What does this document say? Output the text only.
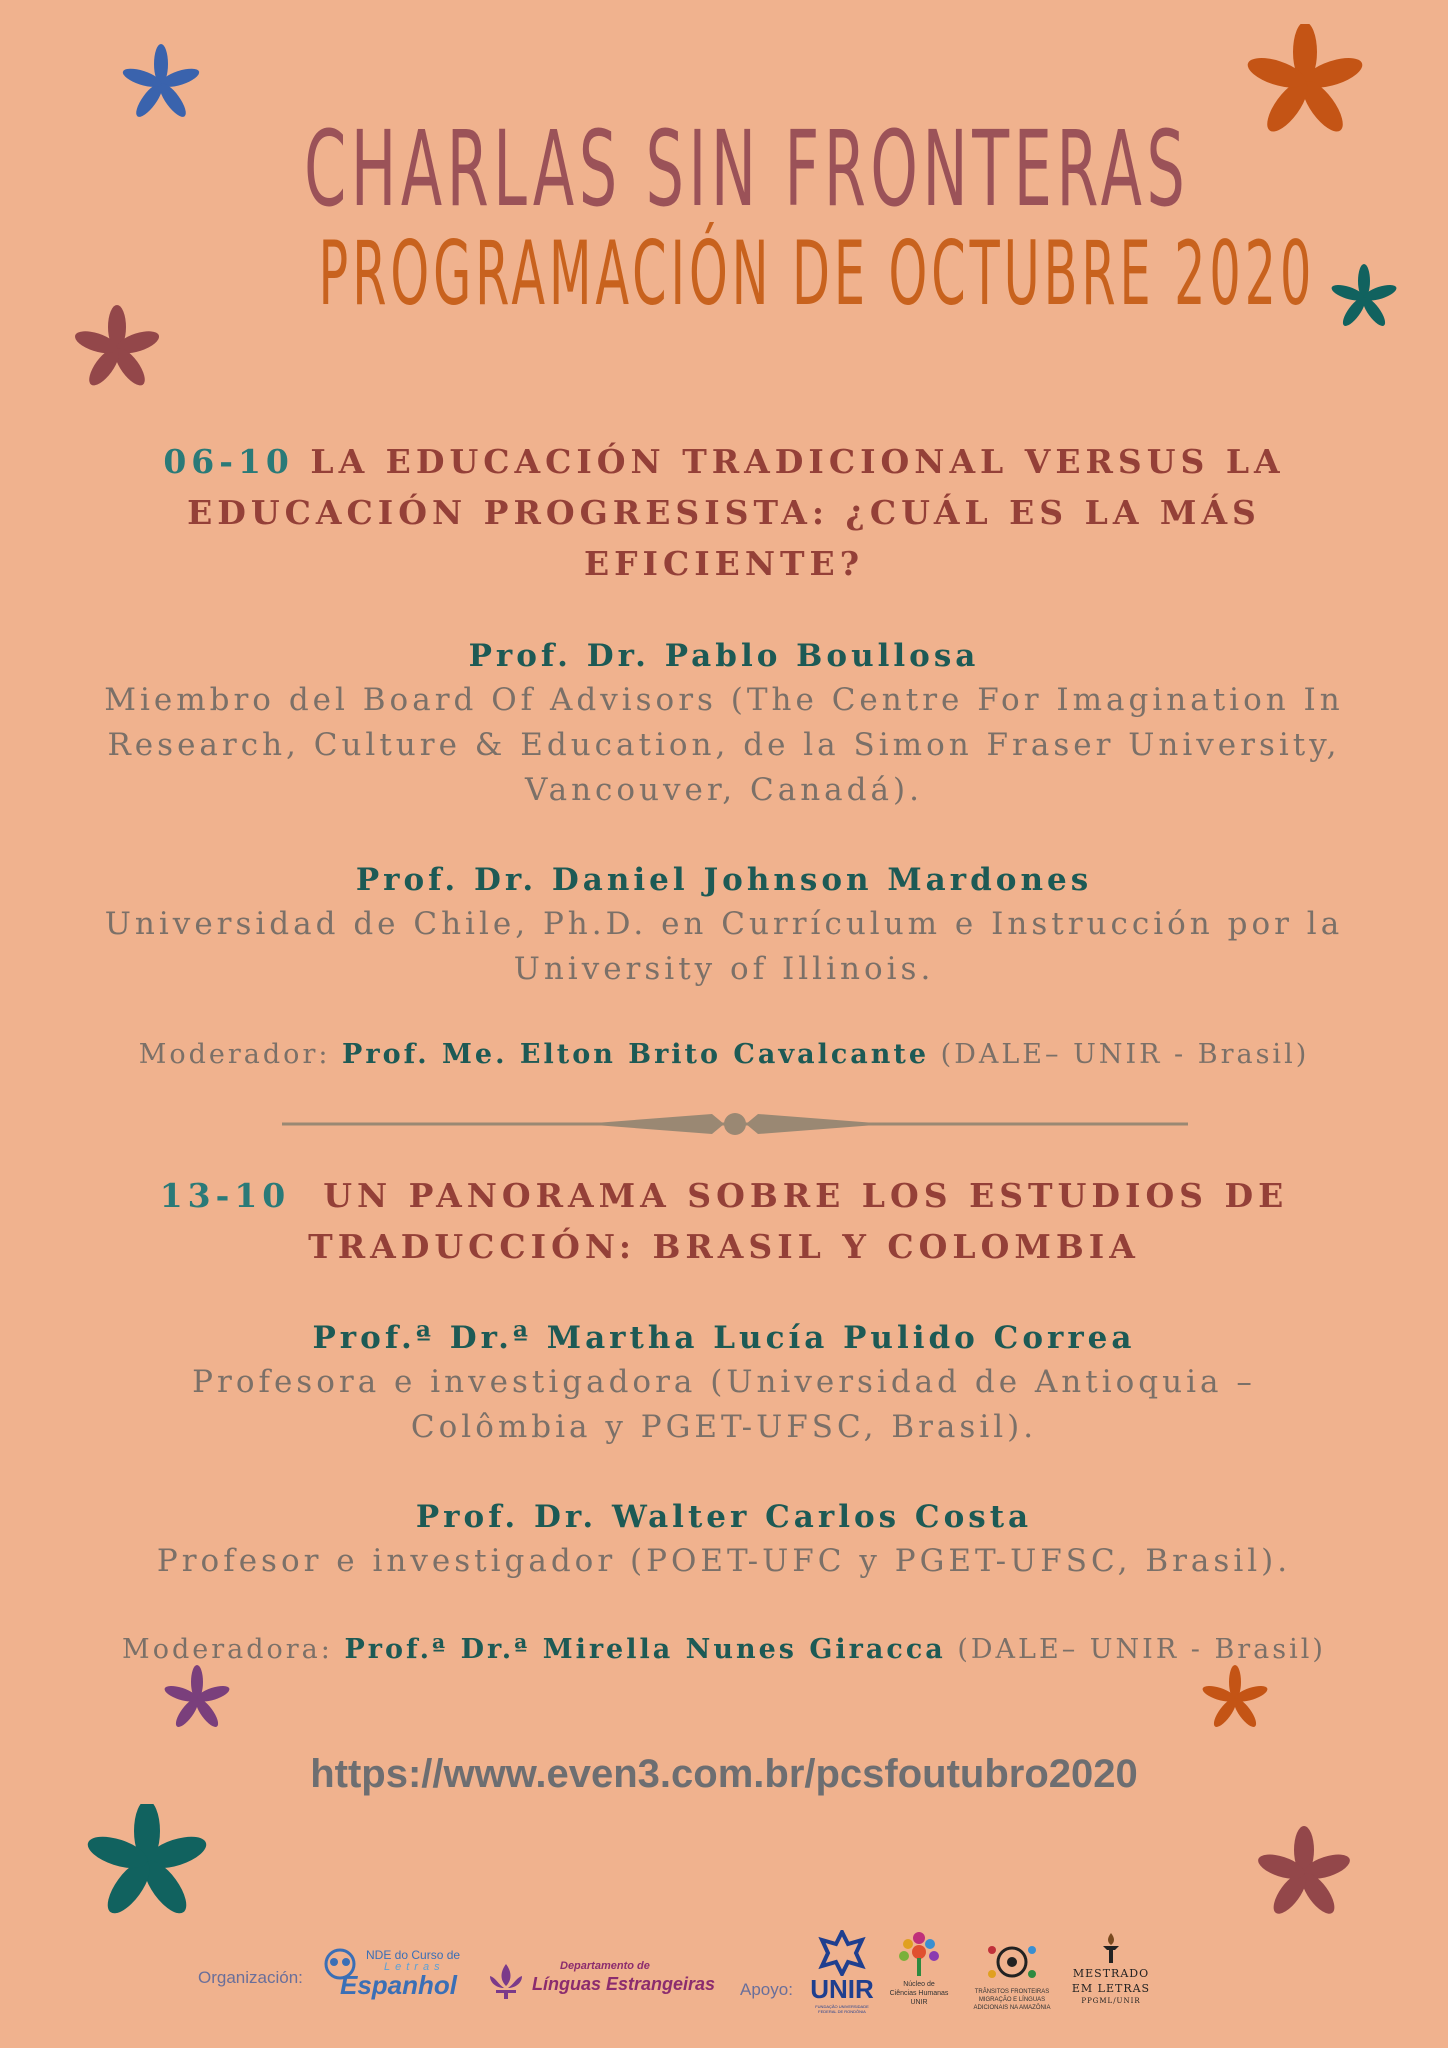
CHARLAS SIN FRONTERAS
PROGRAMACIÓN DE OCTUBRE 2020
06-10 LA EDUCACIÓN TRADICIONAL VERSUS LA
EDUCACIÓN PROGRESISTA: ¿CUÁL ES LA MÁS
EFICIENTE?
Prof. Dr. Pablo Boullosa
Miembro del Board Of Advisors (The Centre For Imagination In
Research, Culture & Education, de la Simon Fraser University,
Vancouver, Canadá).
Prof. Dr. Daniel Johnson Mardones
Universidad de Chile, Ph.D. en Currículum e Instrucción por la
University of Illinois.
Moderador: Prof. Me. Elton Brito Cavalcante (DALE– UNIR - Brasil)
13-10 UN PANORAMA SOBRE LOS ESTUDIOS DE
TRADUCCIÓN: BRASIL Y COLOMBIA
Prof.ª Dr.ª Martha Lucía Pulido Correa
Profesora e investigadora (Universidad de Antioquia –
Colômbia y PGET-UFSC, Brasil).
Prof. Dr. Walter Carlos Costa
Profesor e investigador (POET-UFC y PGET-UFSC, Brasil).
Moderadora: Prof.ª Dr.ª Mirella Nunes Giracca (DALE– UNIR - Brasil)
https://www.even3.com.br/pcsfoutubro2020
Organización:
NDE do Curso de
Letras
Espanhol
Departamento de
Línguas Estrangeiras Apoyo: UNIR
FUNDAÇÃO UNIVERSIDADE FEDERAL DE RONDÔNIA
Núcleo de
Ciências Humanas
UNIR
TRÂNSITOS FRONTEIRAS
MIGRAÇÃO E LÍNGUAS
ADICIONAIS NA AMAZÔNIA
MESTRADO
EM LETRAS
PPGML/UNIR
